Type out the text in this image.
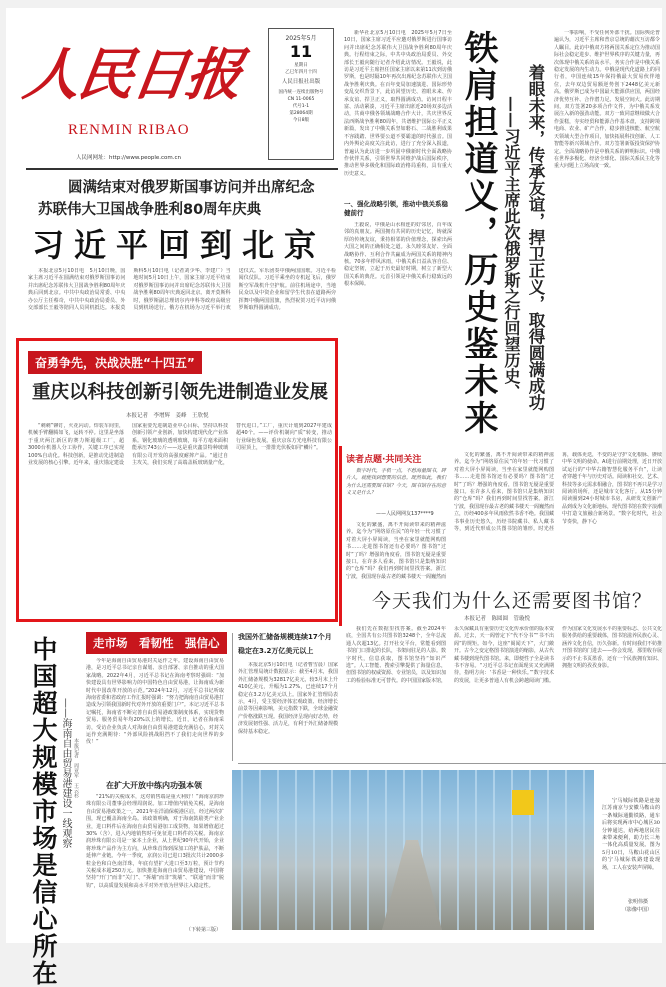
人民日报
RENMIN RIBAO
人民网网址：http://www.people.com.cn
2025年5月
11
星期日
乙巳年四月十四
人民日报社出版
国内统一连续出版物号
CN 11-0065
代号1-1
第28064期
今日8版
新华社北京5月10日电　2025年5月7日至10日，国家主席习近平应邀对俄罗斯进行国事访问并出席纪念苏联伟大卫国战争胜利80周年庆典。行程结束之际，中共中央政治局委员、外交部长王毅向随行记者介绍此访情况。王毅说，此访是习近平主席担任国家主席以来第11次到访俄罗斯，也是时隔10年再次出席纪念苏联伟大卫国战争胜利庆典。在百年变局加速演进、国际形势变乱交织背景下，此访回望历史、着眼未来、传承友谊、捍卫正义，取得圆满成功。访问日程丰富、活动紧凑，习近平主席出席近20场双多边活动，共商中俄各领域战略合作大计，共庆世界反法西斯战争胜利80周年，共谱维护国际公平正义新篇，发出了中俄关系坚如磐石、二战胜利成果不容践踏、世界要公道不要霸道的时代强音。国内外舆论高度关注此访，进行了充分深入报道，普遍认为此访进一步巩固中俄新时代全面战略协作伙伴关系，引领世界共同维护战后国际秩序，推动世界多极化和国际政治格局重构，具有重大历史意义。
一、强化战略引领，推动中俄关系稳健前行
王毅说，中俄是山水相连的好邻居，百年成邻的真朋友。两国拥有共同的历史记忆，铸就深厚的传统友谊，秉持相邻的价值理念，探索出两大国之间的正确相处之道。永久睦邻友好、全面战略协作、互利合作共赢成为两国关系的精神内核。70多年栉风沐雨，中俄关系日益从容自信、稳定坚韧，立起于历史最好时期，树立了新型大国关系的典范。元首引领是中俄关系行稳致远的根本保障。	铁肩担道义，历史鉴未来 着眼未来，传承友谊，捍卫正义，取得圆满成功
——习近平主席此次俄罗斯之行回望历史、
一事影响，不受任何外部干扰。国际舆论普遍认为，习近平主席和普京总统的藉次互访都令人瞩目。此访中俄双方将两国关系定位为推动国际社会稳定进步、维护世界秩序的关键力量，再次体现中俄关系的高水平。务实合作是中俄关系稳定发展的内生动力。中俄是现代化道路上的同行者，中国连续15年保持俄最大贸易伙伴地位，去年双边贸易额逆势创下2448亿美元新高。俄罗斯已成为中国最大能源供应国，两国经济优势互补、合作潜力足、发展空间大。此访期间，双方签署20多项合作文件，为中俄关系发展注入新的强劲动能。双方一致同意继续做大合作蛋糕，夯实经贸和能源合作基本盘，支持跨境电商、农业、矿产合作，稳步推进核能、航空航天领域大型合作项目，加快拓展科技创新、人工智能等新兴领域合作。双方签署新版投资保护协定。全面战略协作是中俄关系的鲜明标识。中俄在世界多极化、经济全球化、国际关系民主化等重大问题上立场高度一致。
圆满结束对俄罗斯国事访问并出席纪念
苏联伟大卫国战争胜利80周年庆典
习近平回到北京
本报北京5月10日电　5月10日晚，国家主席习近平在圆满结束对俄罗斯国事访问并出席纪念苏联伟大卫国战争胜利80周年庆典后回到北京。中共中央政治局常委、中央办公厅主任蔡奇，中共中央政治局委员、外交部部长王毅等陪同人员同机抵达。本报莫斯科5月10日电（记者刘少华、李建广）当地时间5月10日上午，国家主席习近平结束对俄罗斯国事访问并出席纪念苏联伟大卫国战争胜利80周年庆典返回北京。离开莫斯科时，俄罗斯副总理切尔内申科等政府高级官员到机场送行。俄方在机场为习近平举行欢送仪式。军乐团奏中俄两国国歌。习近平检阅仪仗队。习近平乘坐的专机起飞后，俄罗斯空军战机升空护航。前往机场途中，当地民众以及中资企业和留学生代表在道路两旁挥舞中俄两国国旗，热烈祝贺习近平访问俄罗斯取得圆满成功。
奋勇争先，决战决胜“十四五”
重庆以科技创新引领先进制造业发展
本报记者　李增辉　姜峰　王欣悦
“刺刺”铆钉，火花闪动。焊装车间里，机械手臂翻腾如飞，运转不停。这里是坐落于重庆两江新区的赛力斯超级工厂，超3000台机器人分工协作，关键工序已实现100%自动化。科技创新，是推动先进制造业发展的核心引擎。近年来，重庆锚定建设国家重要先进制造业中心目标，坚持以科技创新引领产业创新，加快构建现代化产业体系。钢化玻璃的透明玻璃，每平方毫米面积能承压743公斤——这是重庆鑫景特种玻璃有限公司开发的高强度耐摔产品。“通过自主攻关，我们实现了高端盖板玻璃量产化，替代进口。”工厂，重庆计划到2027年建成超40个。——评价机制向“质”转变，推动行业绿色发展。重庆京东方光电科技有限公司屋顶上，一排排光伏板如同“鳞片”。
中国超大规模市场是信心所在 ——海南自由贸易港建设一线观察 本报记者　周亚军　王云杉
走市场　看韧性　强信心
今年是海南自由贸易港封关运作之年。建设海南自由贸易港，是习近平总书记亲自谋划、亲自部署、亲自推动的重大国家战略。2022年4月，习近平总书记在海南考察时强调：“加快建设具有世界影响力的中国特色自由贸易港，让海南成为新时代中国改革开放的示范。”2024年12月，习近平总书记听取海南省委和省政府工作汇报时强调：“努力把海南自由贸易港打造成为引领我国新时代对外开放的重要门户”。本记习近平总书记嘱托，海南省不断完善自由贸易港政策制度体系，实现货物贸易、服务贸易年均20%以上的增长。近日，记者在海南采访，受访企业负责人对海南自由贸易港建设充满信心，对封关运作充满期待：“外部风险挑战阻挡不了我们走向世界的步伐！”
在扩大开放中练内功强本领
“21%的关税成本，这对销售端是重大利好！”海南京润珍珠有限公司董事会经理周润说。加工增值内销免关税，是海南自由贸易港政策之一，2021年在洋浦保税港区启，经过两次扩围，现已覆盖海南全岛。该政策明确，对于海南鼓励类产业企业，进口料件后在海南自由贸易港加工成货物，如果增值超过30%（含），进入内地销售时可免征进口料件的关税。海南京润珍珠有限公司是一家本土企业，从上世纪90年代开始，企业将珍珠产品作为主方向，从珍珠首饰到深加工的护肤品，不断延伸产业链。今年一季度，京润公司已进口3批次共计2000多粒金色和白色南洋珠，年底有望扩大进口至3万粒，预计节约关税成本超250万元。加快推进海南自由贸易港建设，中国将坚持“开门”而非“关门”、“拆墙”而非“筑墙”、“联通”而非“脱钩”，以高质量发展和高水平对外开放为世界注入稳定性。
（下转第三版）
我国外汇储备规模连续17个月
稳定在3.2万亿美元以上
本报北京5月10日电（记者曹雪晨）国家外汇管理局统计数据显示：截至4月末，我国外汇储备规模为32817亿美元，较3月末上升410亿美元，升幅为1.27%，已连续17个月稳定在3.2万亿美元以上。国家外汇管理局表示，4月，受主要经济体宏观政策、经济增长前景等因素影响，美元指数下跌，全球金融资产价格涨跌互现。我国经济呈现向好态势，经济发展韧性强、活力足，有利于外汇储备规模保持基本稳定。
读者点题·共同关注
数字时代，手机一点，不愁海量图书，碎片人，就能找到想要的信息。既然如此，我们为什么还需要图书馆？今天，图书馆存在的意义又是什么？
——人民网网友137****9
文化的繁盛，离不开阅读带来的精神滋养。迄今为“网络原住民”的年轻一代习惯了对着大屏小屏阅读，当坐在家里就能网购图书……走进图书馆还有必要吗？图书馆“过时”了吗？增强的角度看，图书馆无疑是重要接口。在许多人看来，图书馆只是集纳知识的“仓库”吗？我们再到时间里找答案。浙江宁波，我国现存最古老的藏书楼天一阁巍然而
文化的繁盛，离不开阅读带来的精神滋养。迄今为“网络原住民”的年轻一代习惯了对着大屏小屏阅读，当坐在家里就能网购图书……走进图书馆还有必要吗？图书馆“过时”了吗？增强的角度看，图书馆无疑是重要接口。在许多人看来，图书馆只是集纳知识的“仓库”吗？我们再到时间里找答案。浙江宁波，我国现存最古老的藏书楼天一阁巍然而立，历经400多年风雨依然书香不绝。我国藏书事业历史悠久，历经书院藏书、私人藏书等，到近代形成公共图书馆的雏形。时光荏苒，载体更迭，不变的是守护文化根脉、赓续中华文明的使命。AI进行前期处理，近日开放试运行的“中华古籍智慧化服务平台”，让读者穿越千年与历史对话。阅读和社交、艺术、科技等多元需求相融合，图书馆不再只是学习阅读的场所，还是城市文化客厅。从15分钟阅读圈到24小时城市书房，从研发文创新产品到成为文化新地标，现代图书馆在数字浪潮中打造文旅融合新场景。“数字化时代，社会节奏快，静下心
今天我们为什么还需要图书馆？
本报记者　陈圆圆　管璇悦
我们先在数据里找答案。截至2024年底，全国共有公共图书馆3248个，全年总流通人次超13亿。打开社交平台，常能看到图书馆门口排起的长队，书架间驻足的人影。数字时代，信息获取，图书馆坚持“知识严选”。人工智能、搜索引擎提供了海量信息，但图书馆的权威资源、专业馆员，以及知识加工的检验标准无可替代。的中国国家版本馆，永久保藏具有重要历史文化传承价值的版本资源。过去，天一阁曾定下“代不分书”“书不出阁”的规矩。如今，这座“阁闻天下”，大门敞开。古今之变定格图书馆演进的缩影，从古代藏书楼到现代图书馆。来，即便性子全是读书书不容易。“习近平总书记直面现实又充满期待，指明方向：‘书香是一种快乐。’”数字技术的发展，让更多普通人有机会跨越阅读门槛。作为国家文化发展水平的重要标志、公共文化服务供给的重要载体，图书馆滋养民族心灵、涵养文化自信，历久弥新。有时间我们不妨推开图书馆的门进去——你会发现，那里收存展示的不止书页墨香，还有一个民族拥有知识、拥抱文明的孜孜身影。
宁马城际铁路是连接江苏南京与安徽马鞍山的一条城际通勤铁路，通车后将实现两市中心城区30分钟通达，给两地居民往来带来便利，助力长三角一体化高质量发展。图为5月10日，马鞍山花山区的宁马城际铁路建设现场，工人在安装声屏障。
张明伟摄
（影像中国）
